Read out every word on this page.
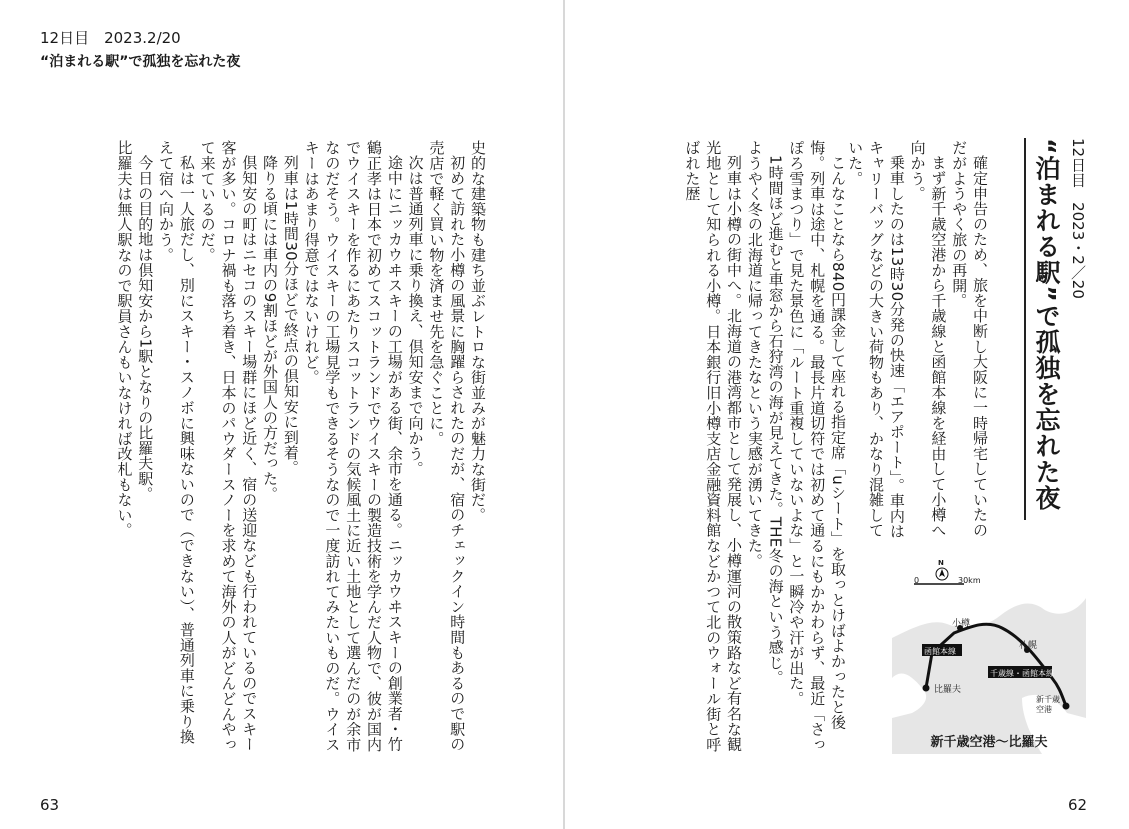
12日目　2023.2/20
“泊まれる駅”で孤独を忘れた夜
63	62

史的な建築物も建ち並ぶレトロな街並みが魅力な街だ。

初めて訪れた小樽の風景に胸躍らされたのだが、宿のチェックイン時間もあるので駅の売店で軽く買い物を済ませ先を急ぐことに。

次は普通列車に乗り換え、倶知安まで向かう。

途中にニッカウヰスキーの工場がある街、余市を通る。ニッカウヰスキーの創業者・竹鶴正孝は日本で初めてスコットランドでウイスキーの製造技術を学んだ人物で、彼が国内でウイスキーを作るにあたりスコットランドの気候風土に近い土地として選んだのが余市なのだそう。ウイスキーの工場見学もできるそうなので一度訪れてみたいものだ。ウイスキーはあまり得意ではないけれど。

列車は1時間30分ほどで終点の倶知安に到着。

降りる頃には車内の9割ほどが外国人の方だった。

倶知安の町はニセコのスキー場群にほど近く、宿の送迎なども行われているのでスキー客が多い。コロナ禍も落ち着き、日本のパウダースノーを求めて海外の人がどんどんやって来ているのだ。

私は一人旅だし、別にスキー・スノボに興味ないので（できない）、普通列車に乗り換えて宿へ向かう。

今日の目的地は倶知安から1駅となりの比羅夫駅。

比羅夫は無人駅なので駅員さんもいなければ改札もない。	12日目　2023・2／20
“泊まれる駅”で孤独を忘れた夜

確定申告のため、旅を中断し大阪に一時帰宅していたのだがようやく旅の再開。

まず新千歳空港から千歳線と函館本線を経由して小樽へ向かう。

乗車したのは13時30分発の快速「エアポート」。車内はキャリーバッグなどの大きい荷物もあり、かなり混雑していた。

こんなことなら840円課金して座れる指定席「uシート」を取っとけばよかったと後悔。列車は途中、札幌を通る。最長片道切符では初めて通るにもかかわらず、最近「さっぽろ雪まつり」で見た景色に「ルート重複していないよな」と一瞬冷や汗が出た。

1時間ほど進むと車窓から石狩湾の海が見えてきた。THE冬の海という感じ。

ようやく冬の北海道に帰ってきたなという実感が湧いてきた。

列車は小樽の街中へ。北海道の港湾都市として発展し、小樽運河の散策路など有名な観光地として知られる小樽。日本銀行旧小樽支店金融資料館などかつて北のウォール街と呼ばれた歴

0	30km
N
小樽
札幌
比羅夫
新千歳
空港
函館本線
千歳線・函館本線
新千歳空港〜比羅夫
